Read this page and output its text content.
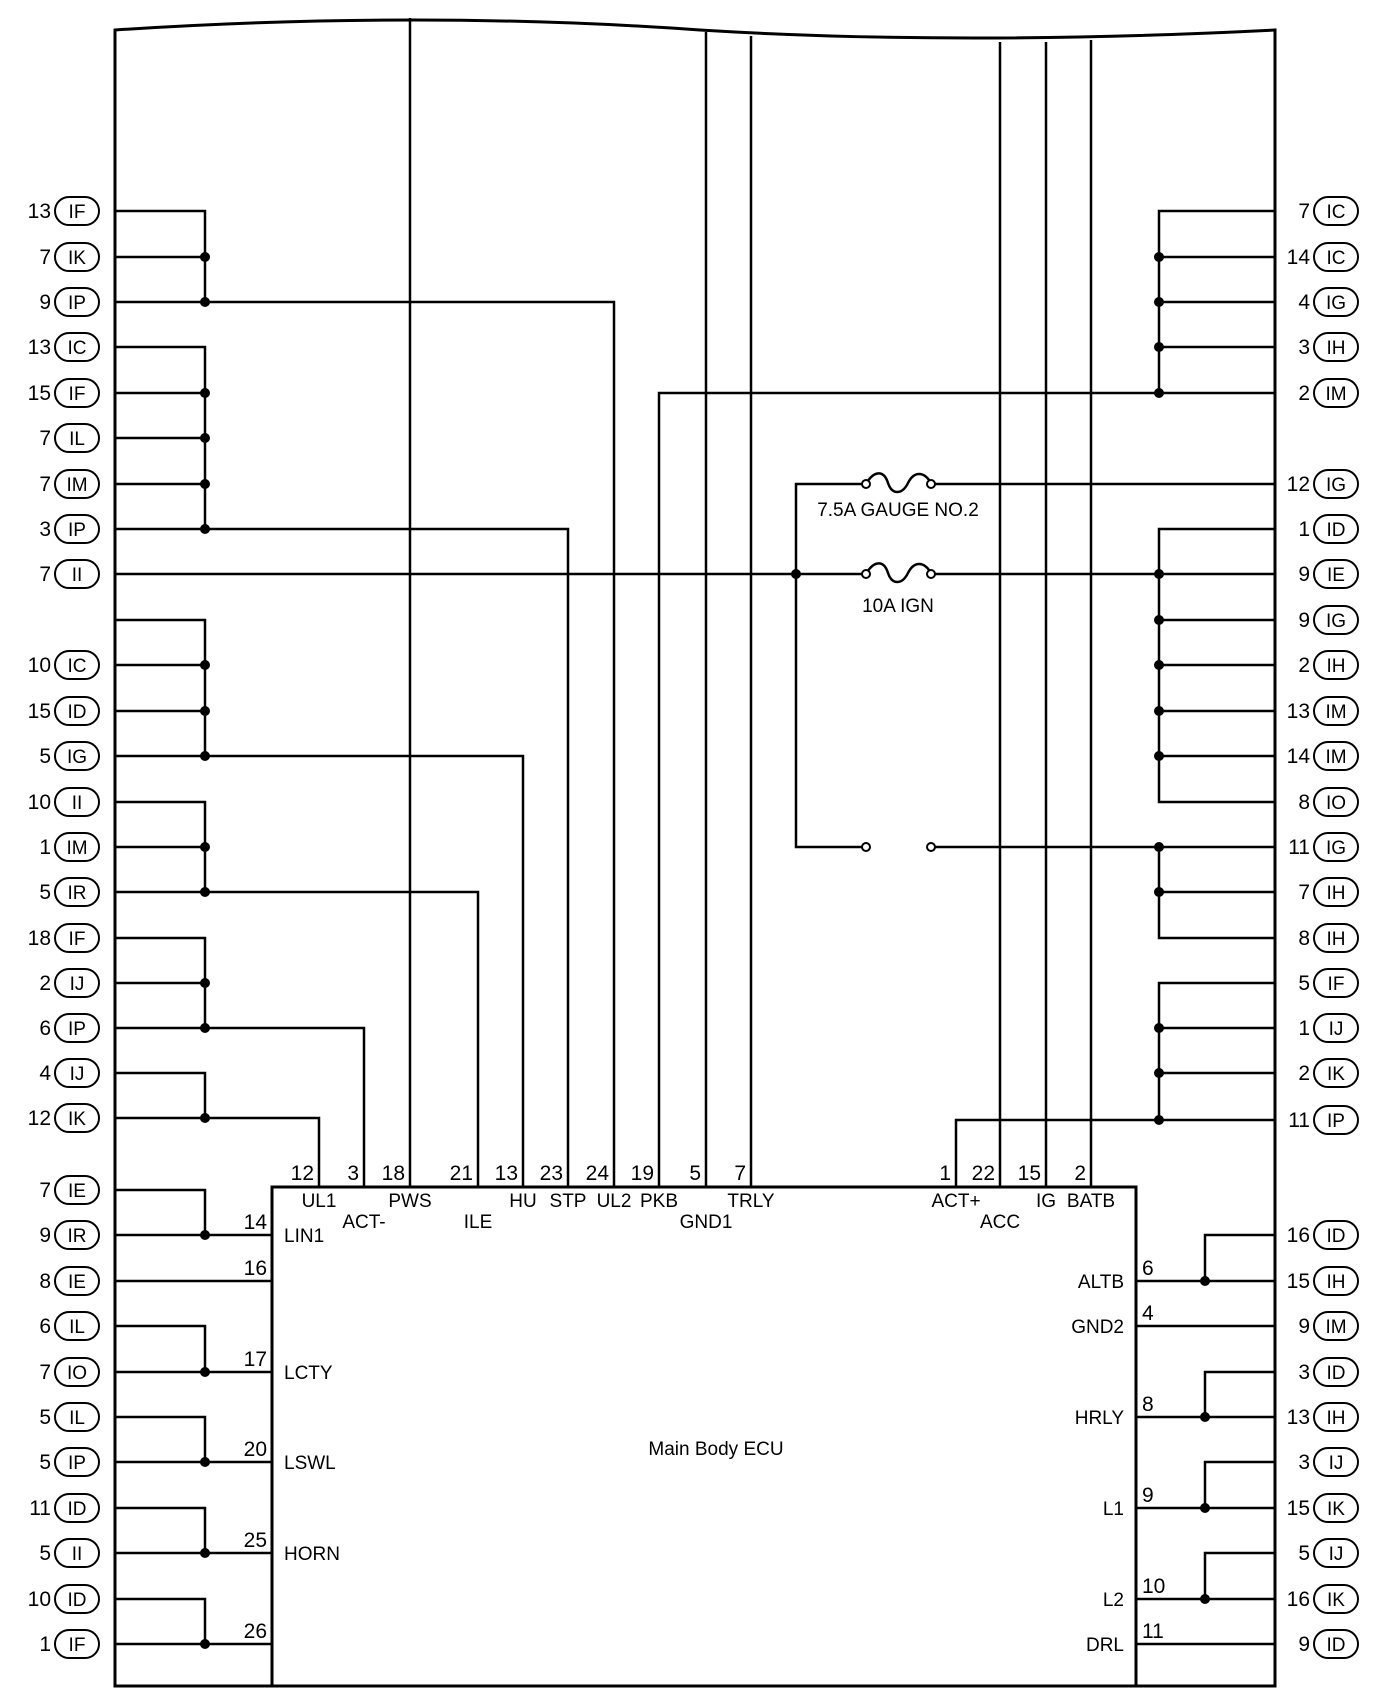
Main Body ECU
7.5A GAUGE NO.2
10A IGN
13 IF
7 IK
9 IP
13 IC
15 IF
7 IL
7 IM
3 IP
7 II
10 IC
15 ID
5 IG
10 II
1 IM
5 IR
18 IF
2 IJ
6 IP
4 IJ
12 IK
7 IE
9 IR
8 IE
6 IL
7 IO
5 IL
5 IP
11 ID
5 II
10 ID
1 IF
7 IC
14 IC
4 IG
3 IH
2 IM
12 IG
1 ID
9 IE
9 IG
2 IH
13 IM
14 IM
8 IO
11 IG
7 IH
8 IH
5 IF
1 IJ
2 IK
11 IP
16 ID
15 IH
9 IM
3 ID
13 IH
3 IJ
15 IK
5 IJ
16 IK
9 ID
12
UL1
3
ACT-
18
PWS
21
ILE
13
HU
23
STP
24
UL2
19
PKB
5
GND1
7
TRLY
1
ACT+
22
ACC
15
IG
2
BATB
14
LIN1
16
17
LCTY
20
LSWL
25
HORN
26
6
ALTB
4
GND2
8
HRLY
9
L1
10
L2
11
DRL
